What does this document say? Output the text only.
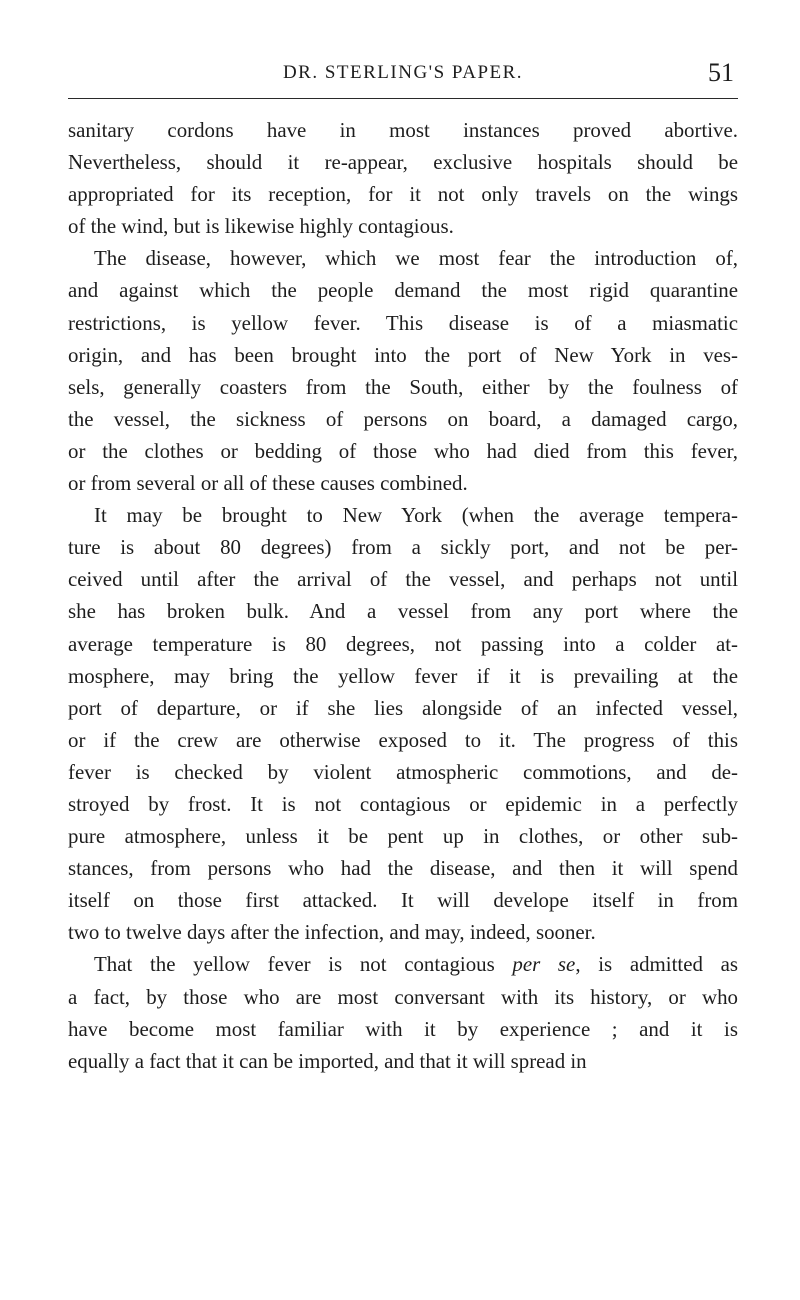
DR. STERLING'S PAPER.	51

sanitary cordons have in most instances proved abortive.
Nevertheless, should it re-appear, exclusive hospitals should be
appropriated for its reception, for it not only travels on the wings
of the wind, but is likewise highly contagious.

The disease, however, which we most fear the introduction of,
and against which the people demand the most rigid quarantine
restrictions, is yellow fever. This disease is of a miasmatic
origin, and has been brought into the port of New York in ves-
sels, generally coasters from the South, either by the foulness of
the vessel, the sickness of persons on board, a damaged cargo,
or the clothes or bedding of those who had died from this fever,
or from several or all of these causes combined.

It may be brought to New York (when the average tempera-
ture is about 80 degrees) from a sickly port, and not be per-
ceived until after the arrival of the vessel, and perhaps not until
she has broken bulk. And a vessel from any port where the
average temperature is 80 degrees, not passing into a colder at-
mosphere, may bring the yellow fever if it is prevailing at the
port of departure, or if she lies alongside of an infected vessel,
or if the crew are otherwise exposed to it. The progress of this
fever is checked by violent atmospheric commotions, and de-
stroyed by frost. It is not contagious or epidemic in a perfectly
pure atmosphere, unless it be pent up in clothes, or other sub-
stances, from persons who had the disease, and then it will spend
itself on those first attacked. It will develope itself in from
two to twelve days after the infection, and may, indeed, sooner.

That the yellow fever is not contagious per se, is admitted as
a fact, by those who are most conversant with its history, or who
have become most familiar with it by experience ; and it is
equally a fact that it can be imported, and that it will spread in
